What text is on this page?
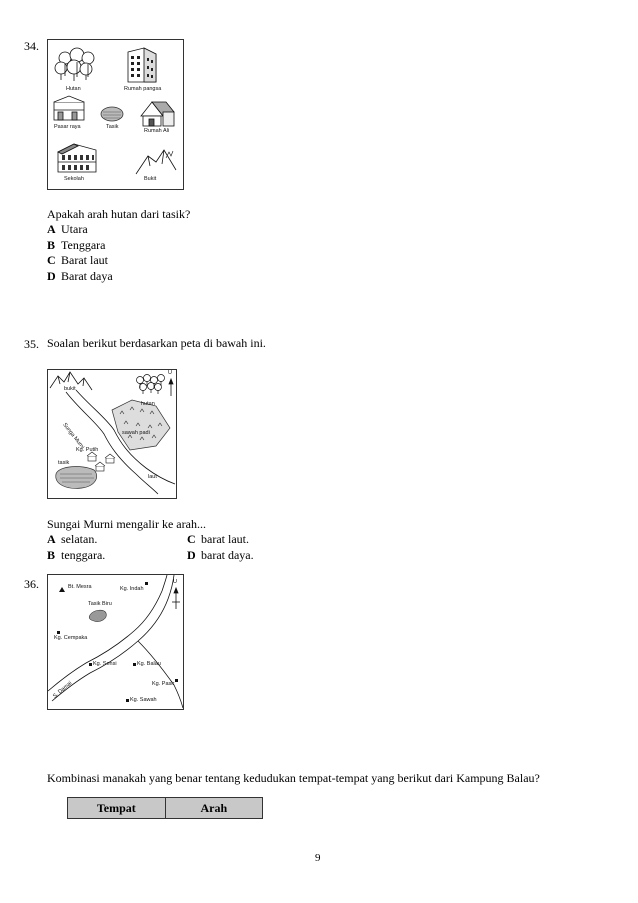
34.
Hutan	Rumah pangsa
Pasar raya	Tasik
Rumah Ali
Sekolah	Bukit
Apakah arah hutan dari tasik?
A Utara
B Tenggara
C Barat laut
D Barat daya
35. Soalan berikut berdasarkan peta di bawah ini.
bukit
hutan
U
Sunga Murni	sawah padi
Kg. Putih
tasik
laut
Sungai Murni mengalir ke arah...
A selatan.	C barat laut.
B tenggara.	D barat daya.
36.	Bt. Mesra	Kg. Indah
U
Tasik Biru
Kg. Cempaka
Kg. Sensi	Kg. Balau
S. Damai	Kg. Pasir
Kg. Sawah
Kombinasi manakah yang benar tentang kedudukan tempat-tempat yang berikut dari Kampung Balau?
Tempat	Arah
9
